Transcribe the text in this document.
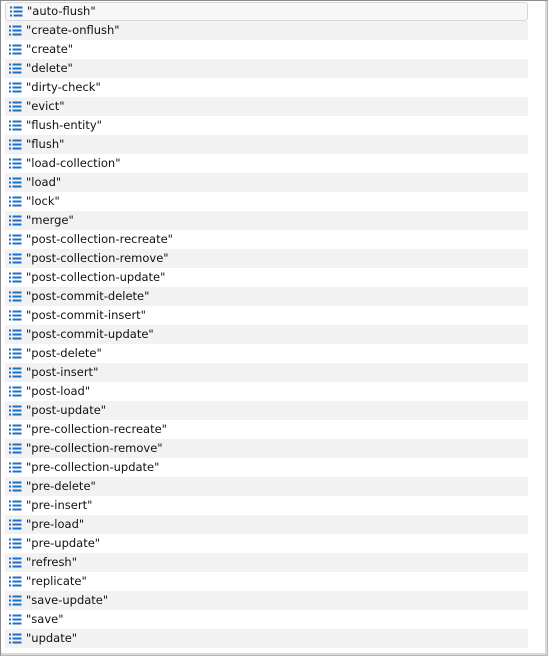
"auto-flush"
"create-onflush"
"create"
"delete"
"dirty-check"
"evict"
"flush-entity"
"flush"
"load-collection"
"load"
"lock"
"merge"
"post-collection-recreate"
"post-collection-remove"
"post-collection-update"
"post-commit-delete"
"post-commit-insert"
"post-commit-update"
"post-delete"
"post-insert"
"post-load"
"post-update"
"pre-collection-recreate"
"pre-collection-remove"
"pre-collection-update"
"pre-delete"
"pre-insert"
"pre-load"
"pre-update"
"refresh"
"replicate"
"save-update"
"save"
"update"
